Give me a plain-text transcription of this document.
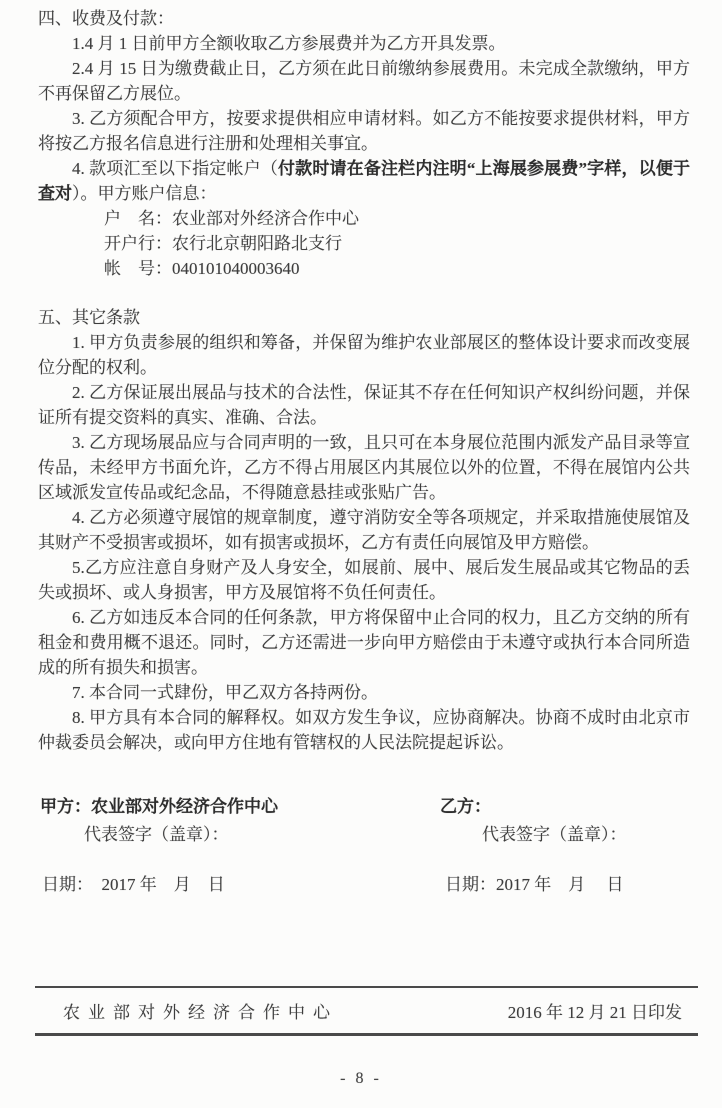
四、收费及付款：

1.4 月 1 日前甲方全额收取乙方参展费并为乙方开具发票。

2.4 月 15 日为缴费截止日，乙方须在此日前缴纳参展费用。未完成全款缴纳，甲方不再保留乙方展位。

3. 乙方须配合甲方，按要求提供相应申请材料。如乙方不能按要求提供材料，甲方将按乙方报名信息进行注册和处理相关事宜。

4. 款项汇至以下指定帐户（付款时请在备注栏内注明“上海展参展费”字样，以便于查对）。甲方账户信息：

户　名：农业部对外经济合作中心

开户行：农行北京朝阳路北支行

帐　号：040101040003640

五、其它条款

1. 甲方负责参展的组织和筹备，并保留为维护农业部展区的整体设计要求而改变展位分配的权利。

2. 乙方保证展出展品与技术的合法性，保证其不存在任何知识产权纠纷问题，并保证所有提交资料的真实、准确、合法。

3. 乙方现场展品应与合同声明的一致，且只可在本身展位范围内派发产品目录等宣传品，未经甲方书面允许，乙方不得占用展区内其展位以外的位置，不得在展馆内公共区域派发宣传品或纪念品，不得随意悬挂或张贴广告。

4. 乙方必须遵守展馆的规章制度，遵守消防安全等各项规定，并采取措施使展馆及其财产不受损害或损坏，如有损害或损坏，乙方有责任向展馆及甲方赔偿。

5.乙方应注意自身财产及人身安全，如展前、展中、展后发生展品或其它物品的丢失或损坏、或人身损害，甲方及展馆将不负任何责任。

6. 乙方如违反本合同的任何条款，甲方将保留中止合同的权力，且乙方交纳的所有租金和费用概不退还。同时，乙方还需进一步向甲方赔偿由于未遵守或执行本合同所造成的所有损失和损害。

7. 本合同一式肆份，甲乙双方各持两份。

8. 甲方具有本合同的解释权。如双方发生争议，应协商解决。协商不成时由北京市仲裁委员会解决，或向甲方住地有管辖权的人民法院提起诉讼。

甲方：农业部对外经济合作中心	乙方：
代表签字（盖章）：	代表签字（盖章）：
日期：  2017 年    月    日	日期：2017 年    月     日
农业部对外经济合作中心	2016 年 12 月 21 日印发
- 8 -
